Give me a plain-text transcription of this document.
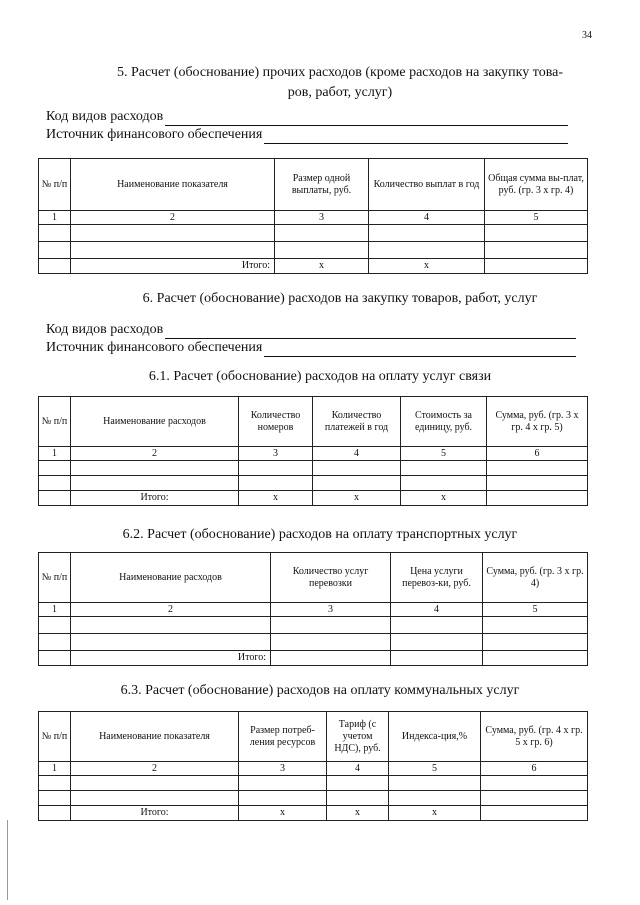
34
5. Расчет (обоснование) прочих расходов (кроме расходов на закупку това-
ров, работ, услуг)
Код видов расходов
Источник финансового обеспечения
№ п/п	Наименование показателя	Размер одной выплаты, руб.	Количество выплат в год	Общая сумма вы-плат, руб. (гр. 3 х гр. 4)
1	2	3	4	5

	Итого:	х	х	
6. Расчет (обоснование) расходов на закупку товаров, работ, услуг
Код видов расходов
Источник финансового обеспечения
6.1. Расчет (обоснование) расходов на оплату услуг связи
№ п/п	Наименование расходов	Количество номеров	Количество платежей в год	Стоимость за единицу, руб.	Сумма, руб. (гр. 3 х гр. 4 х гр. 5)
1	2	3	4	5	6

	Итого:	х	х	х	
6.2. Расчет (обоснование) расходов на оплату транспортных услуг
№ п/п	Наименование расходов	Количество услуг перевозки	Цена услуги перевоз-ки, руб.	Сумма, руб. (гр. 3 х гр. 4)
1	2	3	4	5

	Итого:			
6.3. Расчет (обоснование) расходов на оплату коммунальных услуг
№ п/п	Наименование показателя	Размер потреб-ления ресурсов	Тариф (с учетом НДС), руб.	Индекса-ция,%	Сумма, руб. (гр. 4 х гр. 5 х гр. 6)
1	2	3	4	5	6

	Итого:	х	х	х	
